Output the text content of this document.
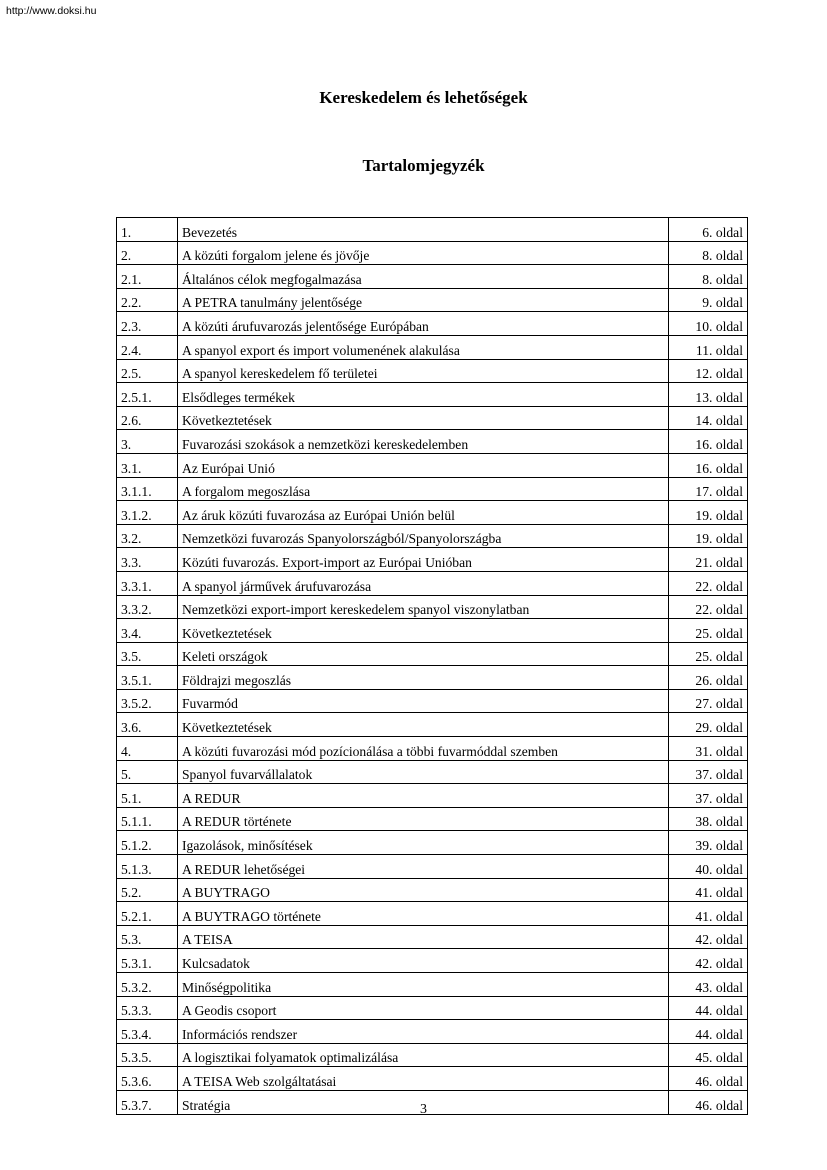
http://www.doksi.hu
Kereskedelem és lehetőségek
Tartalomjegyzék
1.	Bevezetés	6. oldal
2.	A közúti forgalom jelene és jövője	8. oldal
2.1.	Általános célok megfogalmazása	8. oldal
2.2.	A PETRA tanulmány jelentősége	9. oldal
2.3.	A közúti árufuvarozás jelentősége Európában	10. oldal
2.4.	A spanyol export és import volumenének alakulása	11. oldal
2.5.	A spanyol kereskedelem fő területei	12. oldal
2.5.1.	Elsődleges termékek	13. oldal
2.6.	Következtetések	14. oldal
3.	Fuvarozási szokások a nemzetközi kereskedelemben	16. oldal
3.1.	Az Európai Unió	16. oldal
3.1.1.	A forgalom megoszlása	17. oldal
3.1.2.	Az áruk közúti fuvarozása az Európai Unión belül	19. oldal
3.2.	Nemzetközi fuvarozás Spanyolországból/Spanyolországba	19. oldal
3.3.	Közúti fuvarozás. Export-import az Európai Unióban	21. oldal
3.3.1.	A spanyol járművek árufuvarozása	22. oldal
3.3.2.	Nemzetközi export-import kereskedelem spanyol viszonylatban	22. oldal
3.4.	Következtetések	25. oldal
3.5.	Keleti országok	25. oldal
3.5.1.	Földrajzi megoszlás	26. oldal
3.5.2.	Fuvarmód	27. oldal
3.6.	Következtetések	29. oldal
4.	A közúti fuvarozási mód pozícionálása a többi fuvarmóddal szemben	31. oldal
5.	Spanyol fuvarvállalatok	37. oldal
5.1.	A REDUR	37. oldal
5.1.1.	A REDUR története	38. oldal
5.1.2.	Igazolások, minősítések	39. oldal
5.1.3.	A REDUR lehetőségei	40. oldal
5.2.	A BUYTRAGO	41. oldal
5.2.1.	A BUYTRAGO története	41. oldal
5.3.	A TEISA	42. oldal
5.3.1.	Kulcsadatok	42. oldal
5.3.2.	Minőségpolitika	43. oldal
5.3.3.	A Geodis csoport	44. oldal
5.3.4.	Információs rendszer	44. oldal
5.3.5.	A logisztikai folyamatok optimalizálása	45. oldal
5.3.6.	A TEISA Web szolgáltatásai	46. oldal
5.3.7.	Stratégia	46. oldal
3
